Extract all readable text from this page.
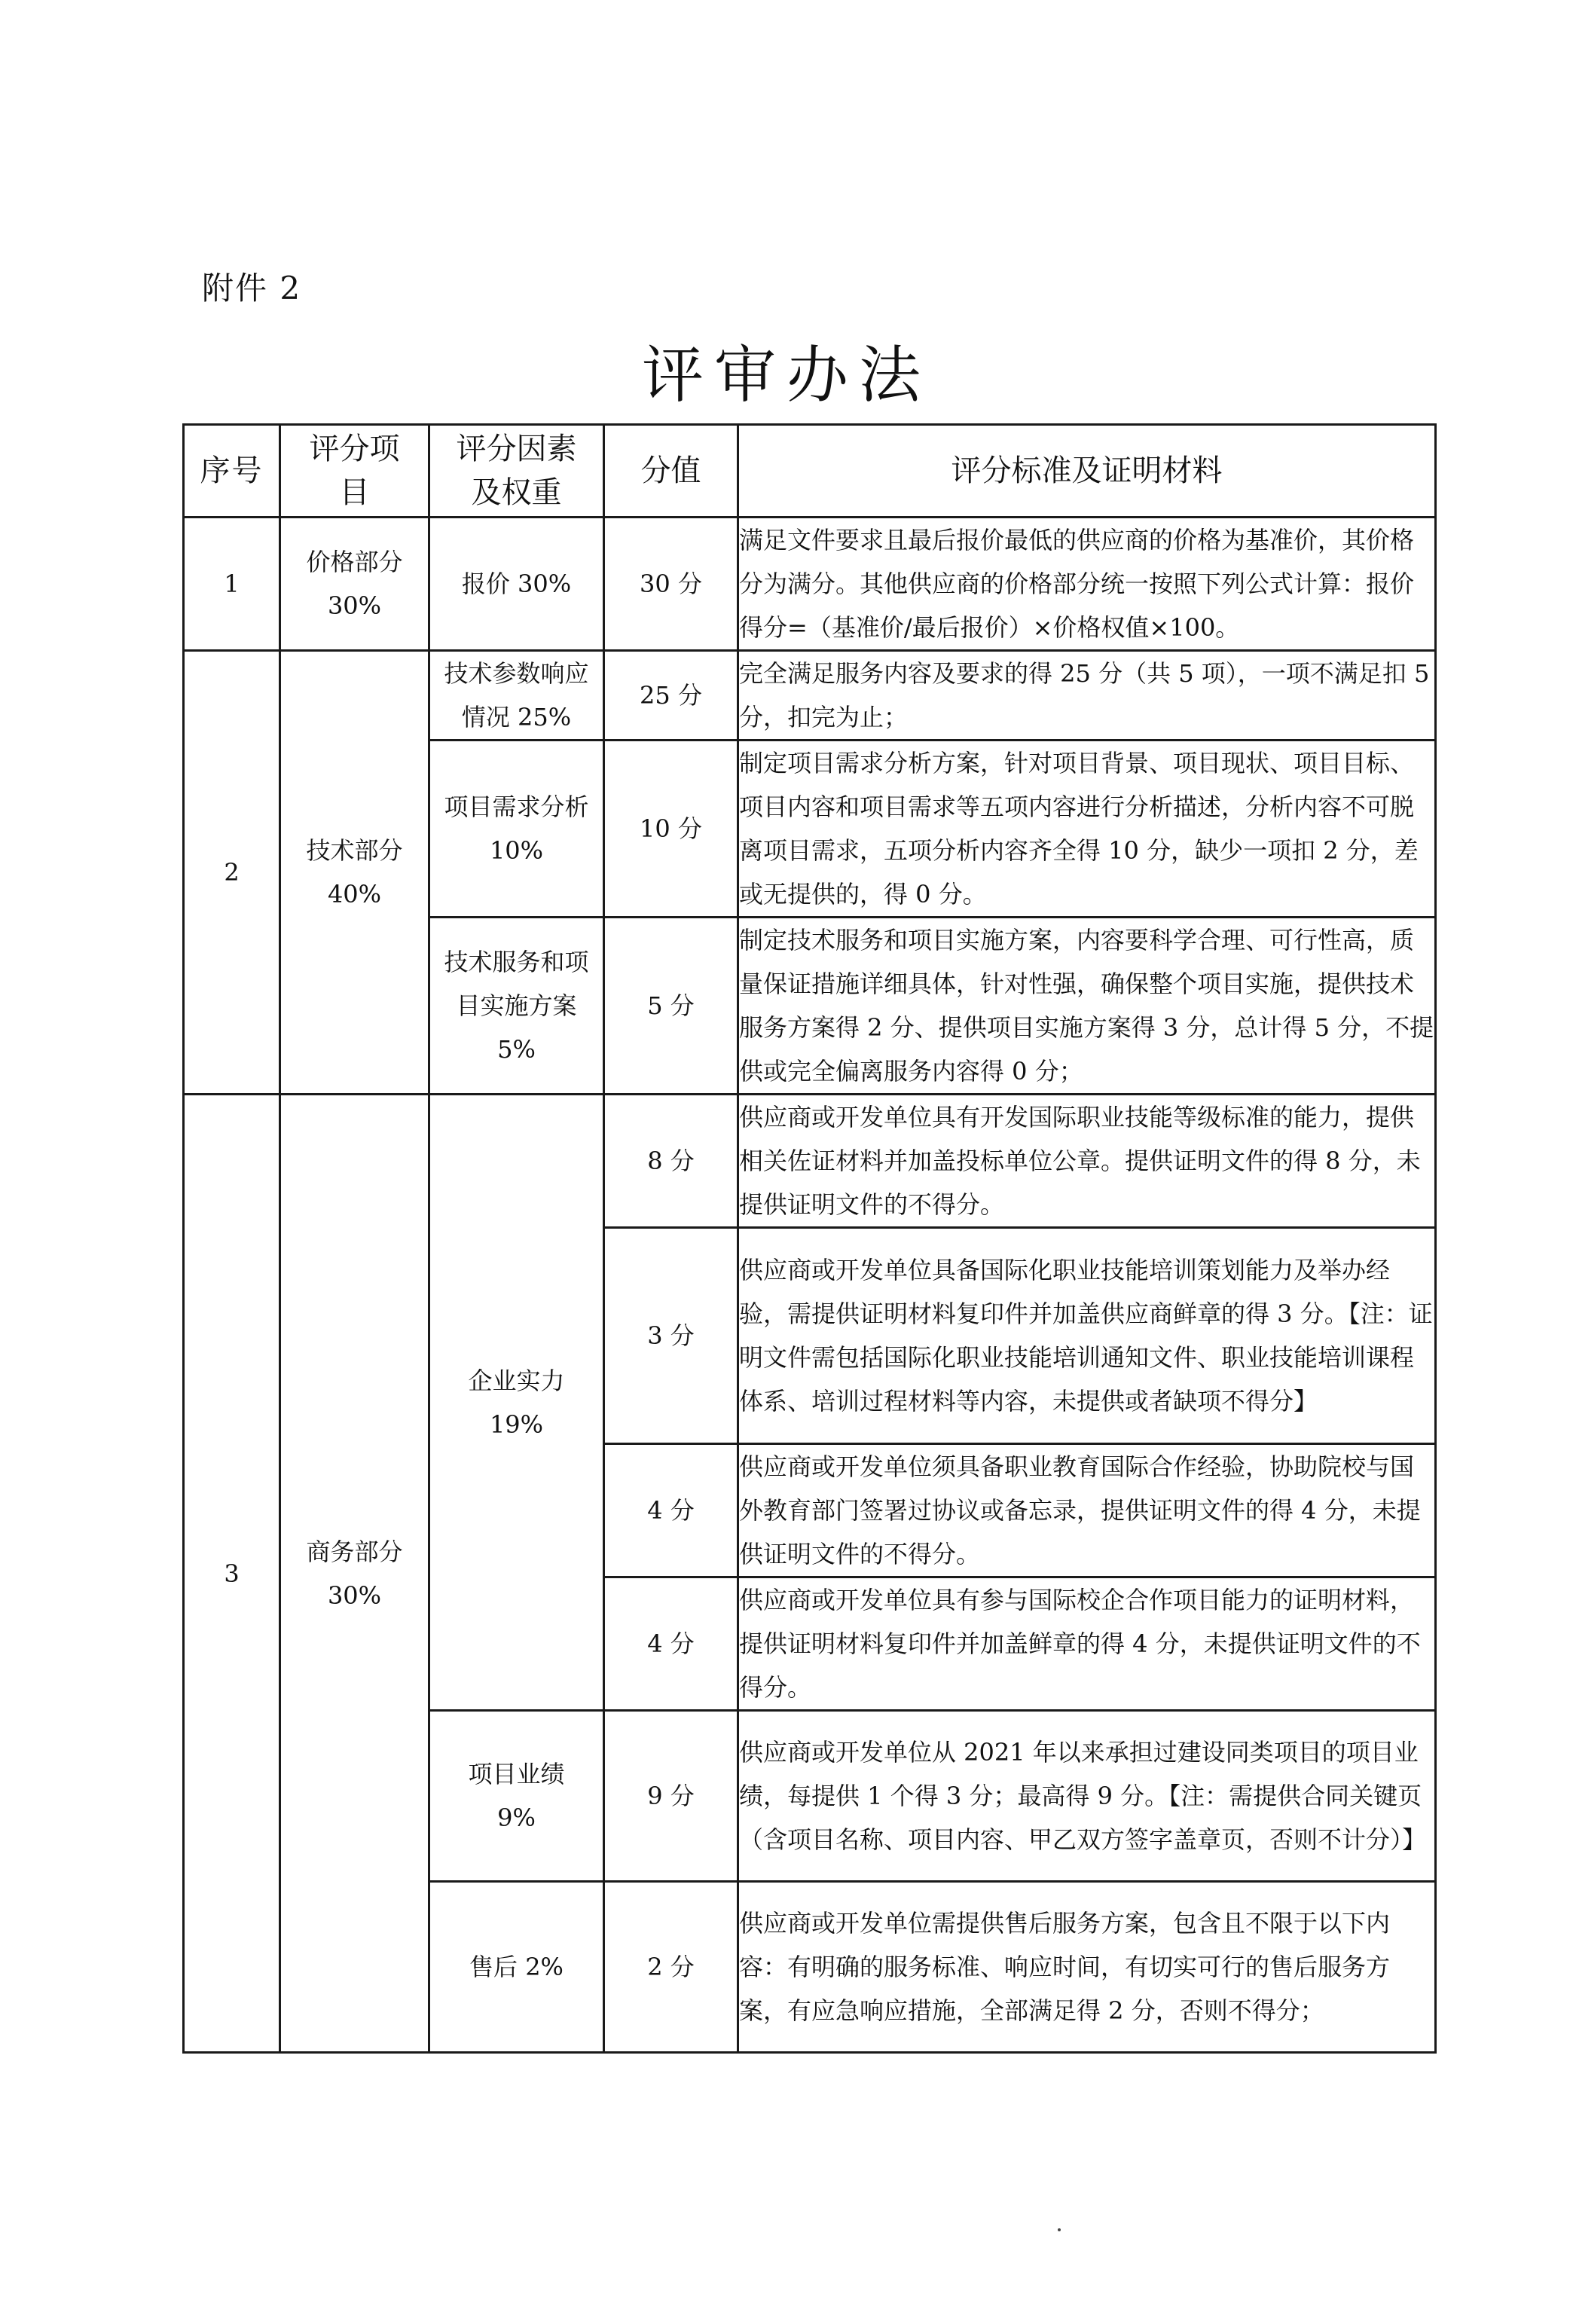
附件 2
评审办法
序号	评分项目	评分因素及权重	分值	评分标准及证明材料
1	价格部分 30%	报价 30%	30 分	满足文件要求且最后报价最低的供应商的价格为基准价，其价格分为满分。其他供应商的价格部分统一按照下列公式计算：报价得分=（基准价/最后报价）×价格权值×100。
2	技术部分 40%	技术参数响应情况 25%	25 分	完全满足服务内容及要求的得 25 分（共 5 项），一项不满足扣 5 分，扣完为止；
		项目需求分析 10%	10 分	制定项目需求分析方案，针对项目背景、项目现状、项目目标、项目内容和项目需求等五项内容进行分析描述，分析内容不可脱离项目需求，五项分析内容齐全得 10 分，缺少一项扣 2 分，差或无提供的，得 0 分。
		技术服务和项目实施方案 5%	5 分	制定技术服务和项目实施方案，内容要科学合理、可行性高，质量保证措施详细具体，针对性强，确保整个项目实施，提供技术服务方案得 2 分、提供项目实施方案得 3 分，总计得 5 分，不提供或完全偏离服务内容得 0 分；
3	商务部分 30%	企业实力 19%	8 分	供应商或开发单位具有开发国际职业技能等级标准的能力，提供相关佐证材料并加盖投标单位公章。提供证明文件的得 8 分，未提供证明文件的不得分。
			3 分	供应商或开发单位具备国际化职业技能培训策划能力及举办经验，需提供证明材料复印件并加盖供应商鲜章的得 3 分。【注：证明文件需包括国际化职业技能培训通知文件、职业技能培训课程体系、培训过程材料等内容，未提供或者缺项不得分】
			4 分	供应商或开发单位须具备职业教育国际合作经验，协助院校与国外教育部门签署过协议或备忘录，提供证明文件的得 4 分，未提供证明文件的不得分。
			4 分	供应商或开发单位具有参与国际校企合作项目能力的证明材料，提供证明材料复印件并加盖鲜章的得 4 分，未提供证明文件的不得分。
		项目业绩 9%	9 分	供应商或开发单位从 2021 年以来承担过建设同类项目的项目业绩，每提供 1 个得 3 分；最高得 9 分。【注：需提供合同关键页（含项目名称、项目内容、甲乙双方签字盖章页，否则不计分）】
		售后 2%	2 分	供应商或开发单位需提供售后服务方案，包含且不限于以下内容：有明确的服务标准、响应时间，有切实可行的售后服务方案，有应急响应措施，全部满足得 2 分，否则不得分；
